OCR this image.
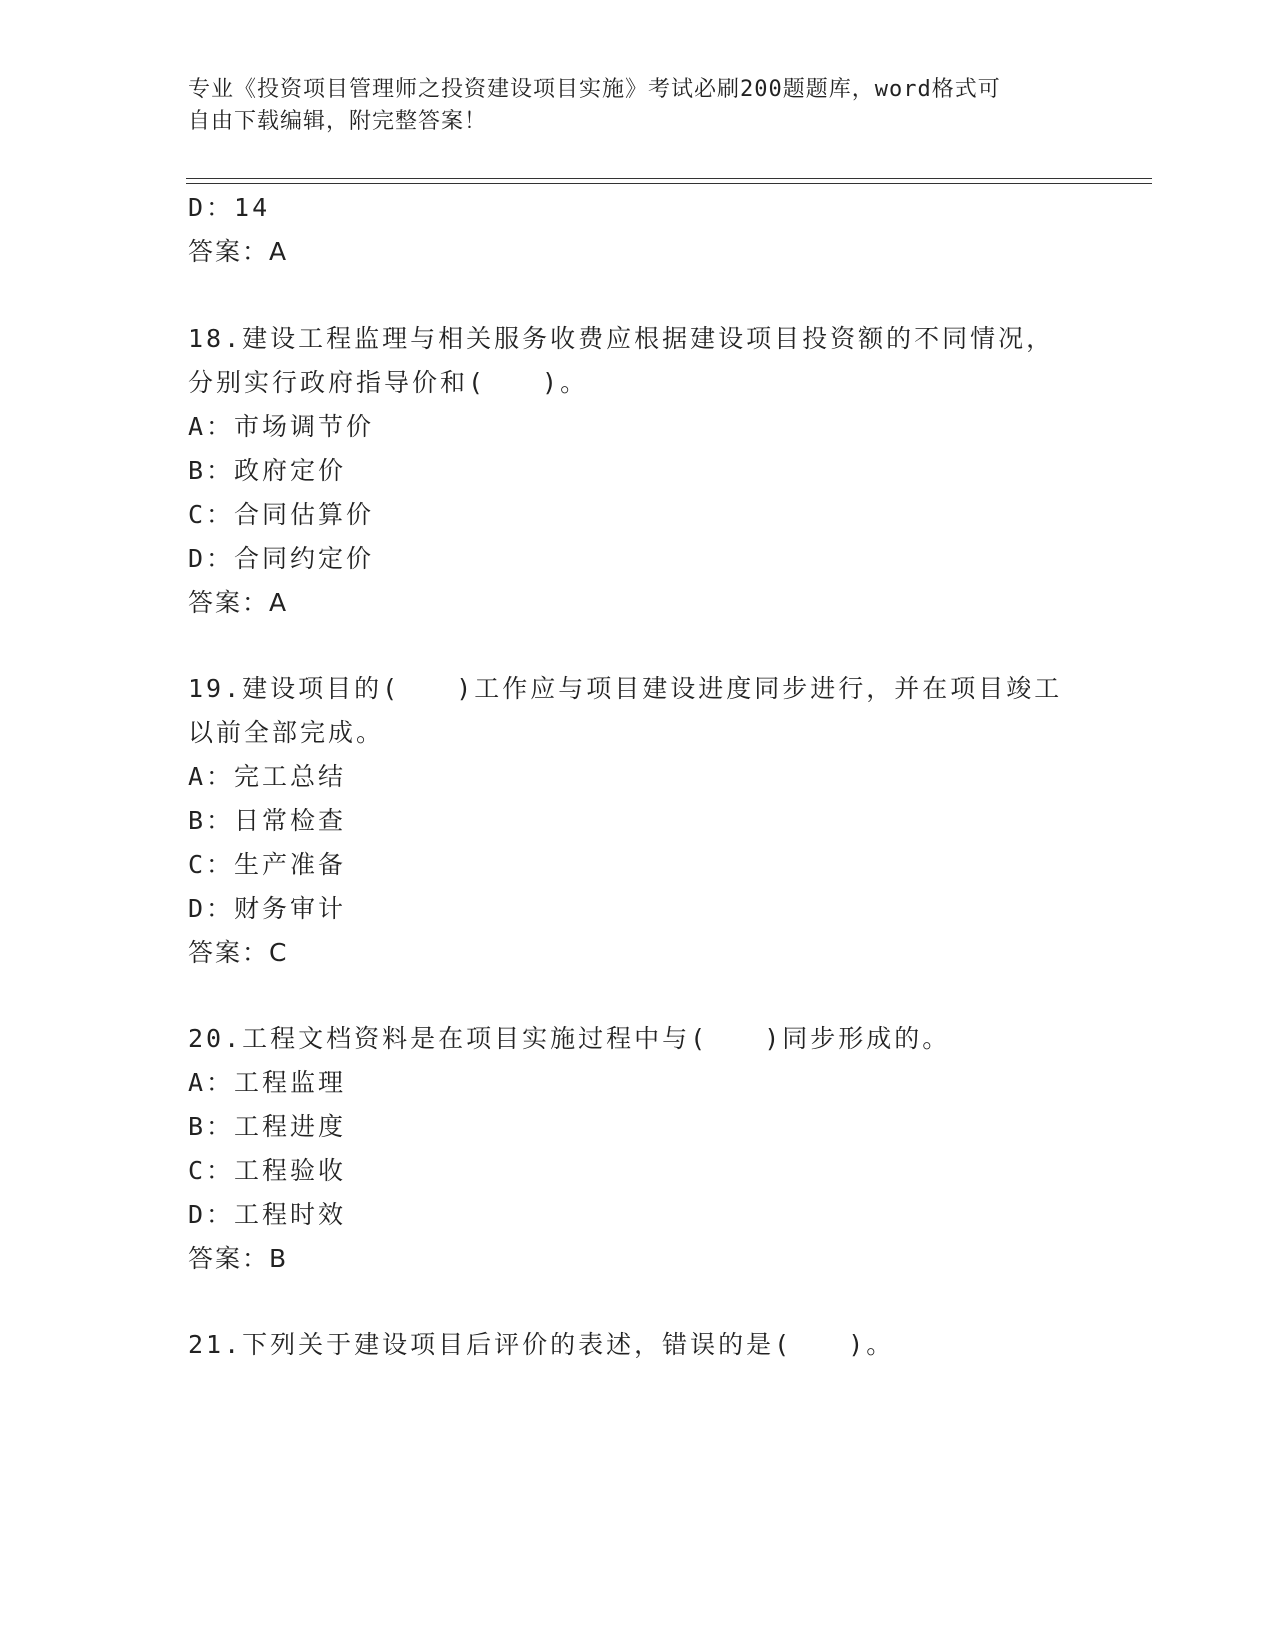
专业《投资项目管理师之投资建设项目实施》考试必刷200题题库，word格式可
自由下载编辑，附完整答案！
D：14
答案：A
18.建设工程监理与相关服务收费应根据建设项目投资额的不同情况，
分别实行政府指导价和(　　)。
A：市场调节价
B：政府定价
C：合同估算价
D：合同约定价
答案：A
19.建设项目的(　　)工作应与项目建设进度同步进行，并在项目竣工
以前全部完成。
A：完工总结
B：日常检查
C：生产准备
D：财务审计
答案：C
20.工程文档资料是在项目实施过程中与(　　)同步形成的。
A：工程监理
B：工程进度
C：工程验收
D：工程时效
答案：B
21.下列关于建设项目后评价的表述，错误的是(　　)。
